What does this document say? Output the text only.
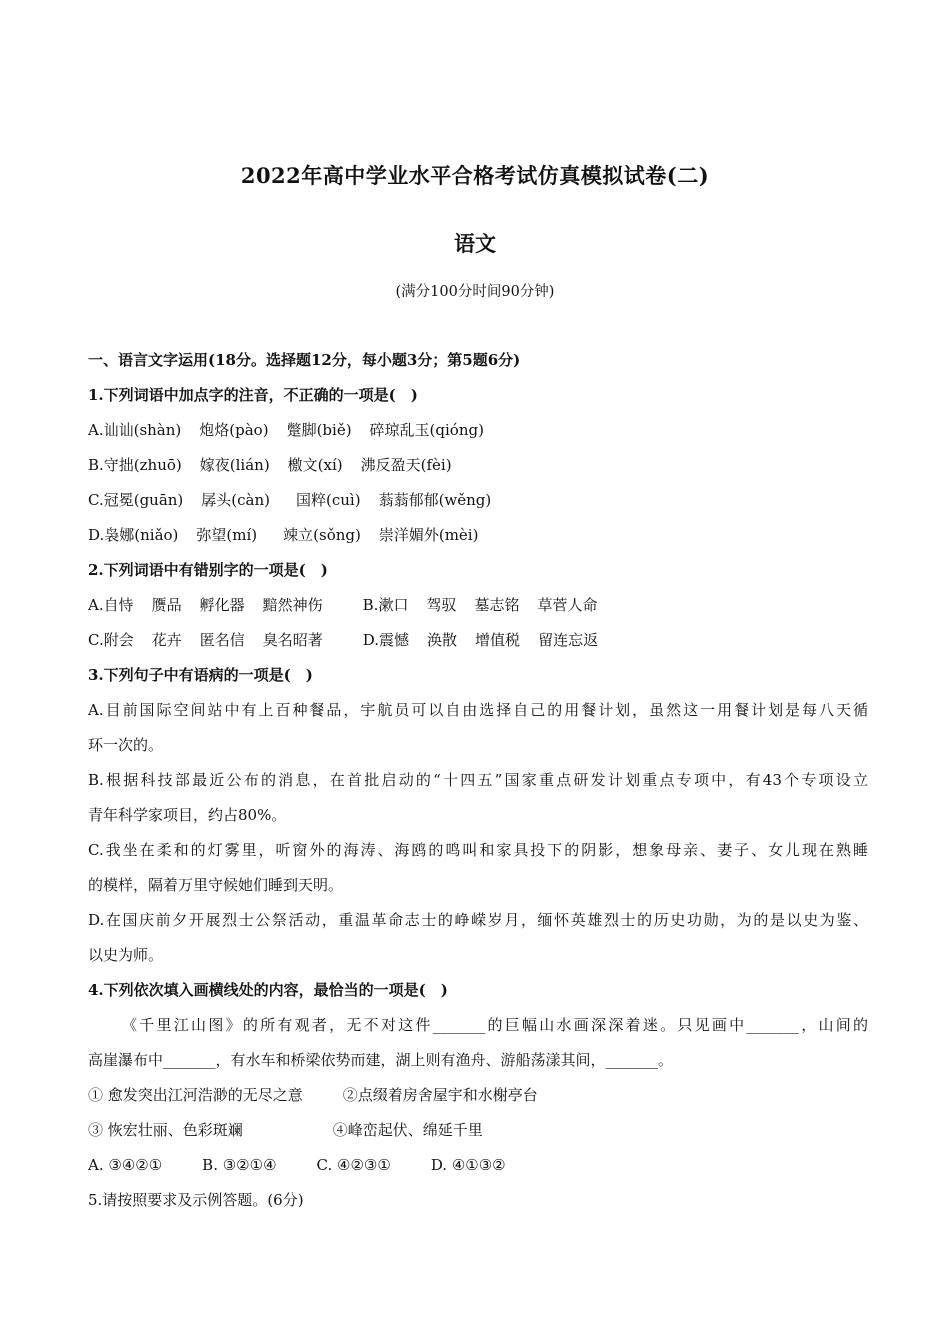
2022年高中学业水平合格考试仿真模拟试卷(二)
语文
(满分100分时间90分钟)
一、语言文字运用(18分。选择题12分，每小题3分；第5题6分)
1.下列词语中加点字的注音，不正确的一项是(　)
A.讪讪(shàn) 炮烙(pào) 蹩脚(biě) 碎琼乱玉(qióng)
B.守拙(zhuō) 嫁夜(lián) 檄文(xí) 沸反盈天(fèi)
C.冠冕(guān) 孱头(càn) 国粹(cuì) 蓊蓊郁郁(wěng)
D.袅娜(niǎo) 弥望(mí) 竦立(sǒng) 崇洋媚外(mèi)
2.下列词语中有错别字的一项是(　)
A.自恃 赝品 孵化器 黯然神伤	B.漱口 驾驭 墓志铭 草菅人命
C.附会 花卉 匿名信 臭名昭著	D.震憾 涣散 增值税 留连忘返
3.下列句子中有语病的一项是(　)
A.目前国际空间站中有上百种餐品，宇航员可以自由选择自己的用餐计划，虽然这一用餐计划是每八天循
环一次的。
B.根据科技部最近公布的消息，在首批启动的“十四五”国家重点研发计划重点专项中，有43个专项设立
青年科学家项目，约占80%。
C.我坐在柔和的灯雾里，听窗外的海涛、海鸥的鸣叫和家具投下的阴影，想象母亲、妻子、女儿现在熟睡
的模样，隔着万里守候她们睡到天明。
D.在国庆前夕开展烈士公祭活动，重温革命志士的峥嵘岁月，缅怀英雄烈士的历史功勋，为的是以史为鉴、
以史为师。
4.下列依次填入画横线处的内容，最恰当的一项是(　)
《千里江山图》的所有观者，无不对这件_______的巨幅山水画深深着迷。只见画中_______，山间的
高崖瀑布中_______，有水车和桥梁依势而建，湖上则有渔舟、游船荡漾其间，_______。
① 愈发突出江河浩渺的无尽之意	②点缀着房舍屋宇和水榭亭台
③ 恢宏壮丽、色彩斑斓	④峰峦起伏、绵延千里
A. ③④②①	B. ③②①④	C. ④②③①	D. ④①③②
5.请按照要求及示例答题。(6分)
